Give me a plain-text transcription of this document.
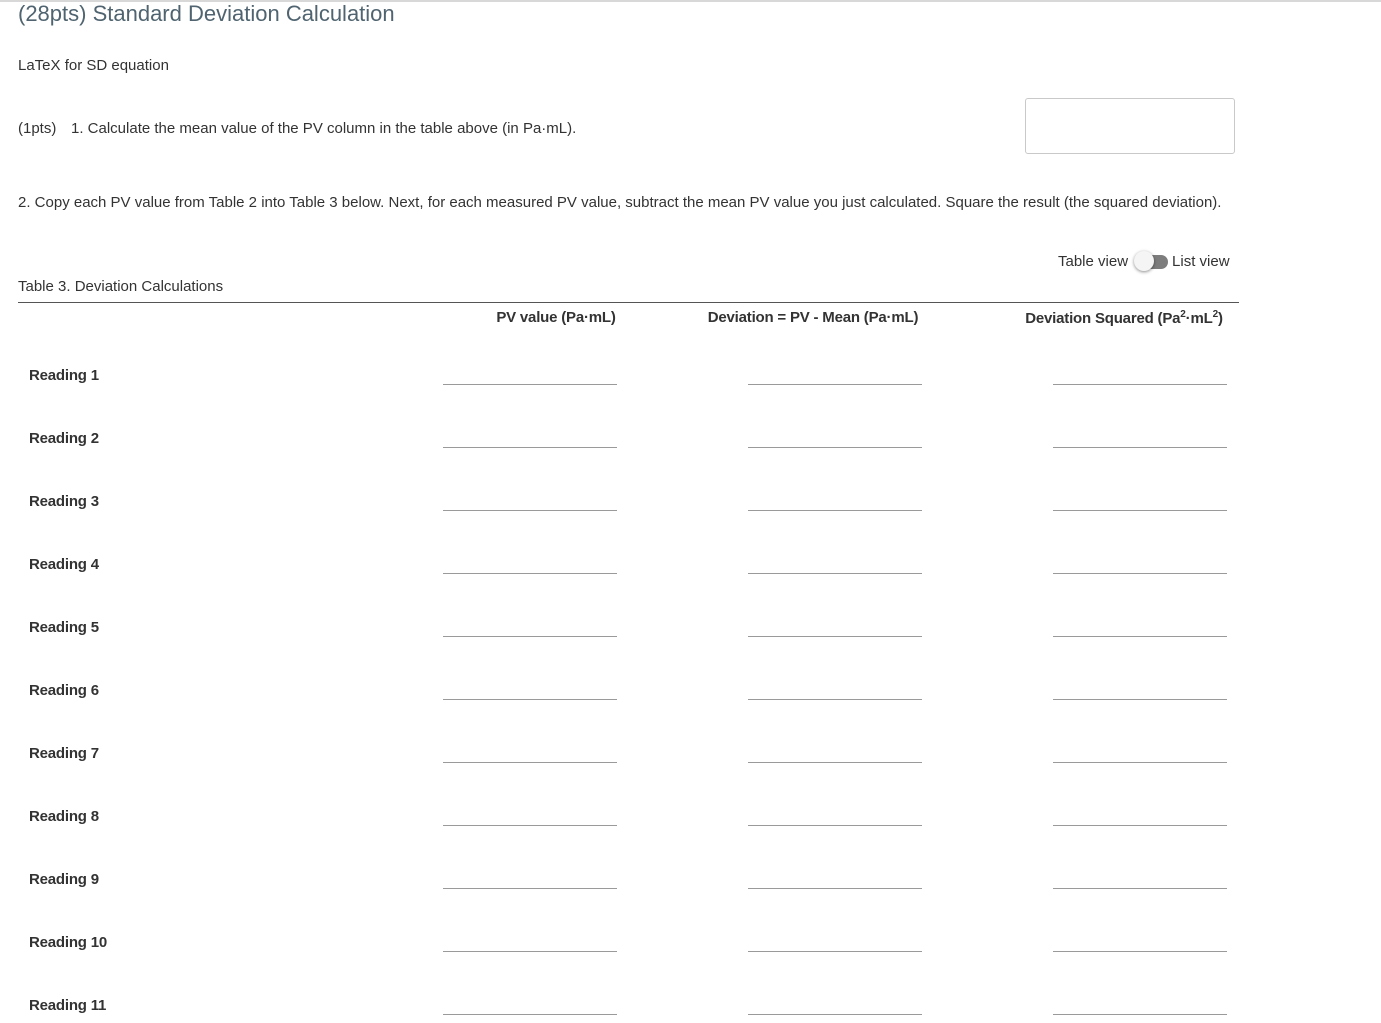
(28pts) Standard Deviation Calculation
LaTeX for SD equation
(1pts) 1. Calculate the mean value of the PV column in the table above (in Pa·mL).
2. Copy each PV value from Table 2 into Table 3 below. Next, for each measured PV value, subtract the mean PV value you just calculated. Square the result (the squared deviation).
Table view	List view
Table 3. Deviation Calculations
PV value (Pa·mL)	Deviation = PV - Mean (Pa·mL)	Deviation Squared $(Pa^2\cdot mL^2)$
Reading 1
Reading 2
Reading 3
Reading 4
Reading 5
Reading 6
Reading 7
Reading 8
Reading 9
Reading 10
Reading 11
